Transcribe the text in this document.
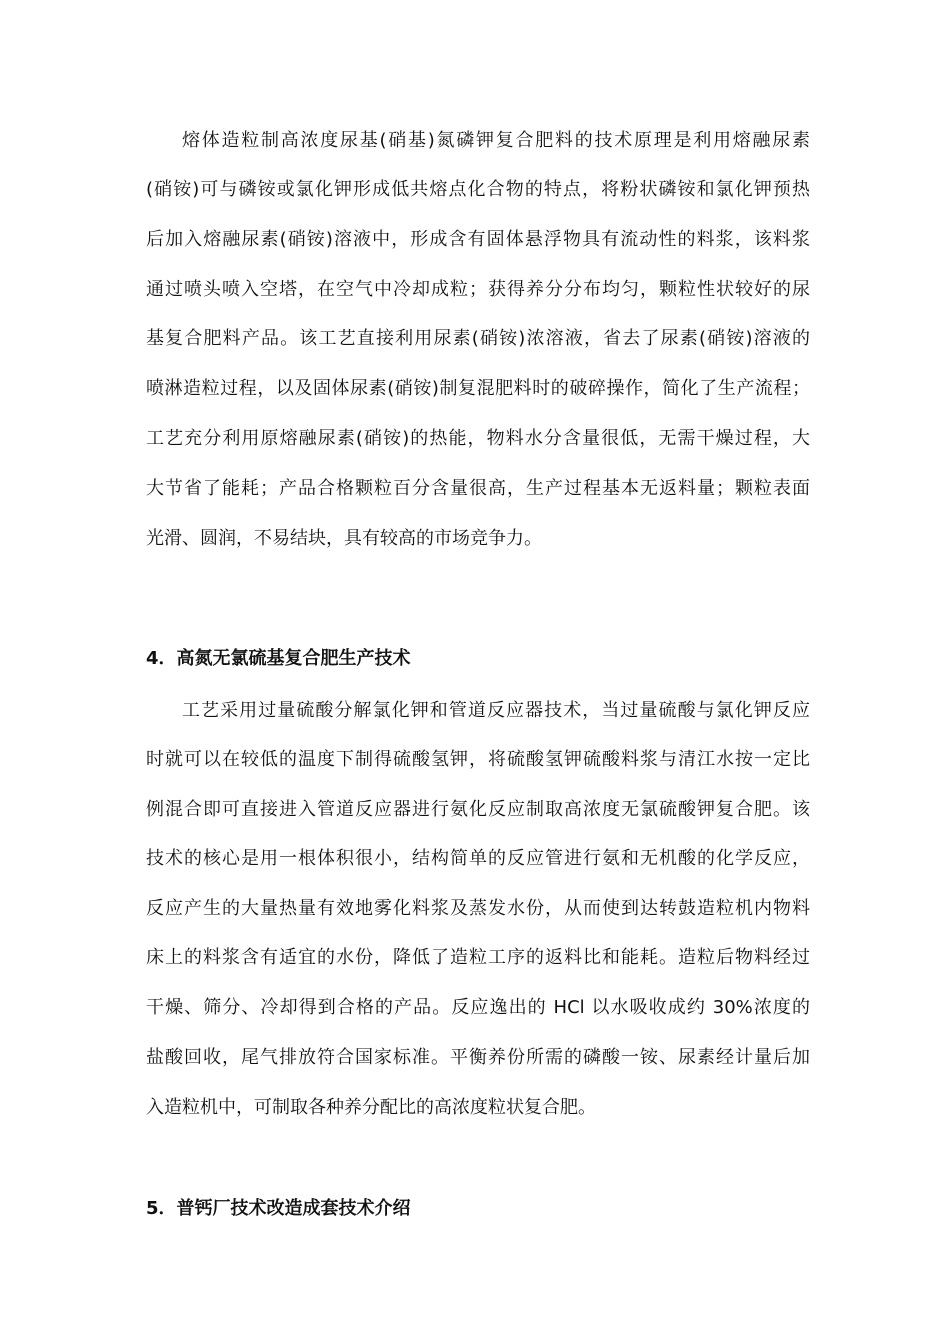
熔体造粒制高浓度尿基(硝基)氮磷钾复合肥料的技术原理是利用熔融尿素
(硝铵)可与磷铵或氯化钾形成低共熔点化合物的特点，将粉状磷铵和氯化钾预热
后加入熔融尿素(硝铵)溶液中，形成含有固体悬浮物具有流动性的料浆，该料浆
通过喷头喷入空塔，在空气中冷却成粒；获得养分分布均匀，颗粒性状较好的尿
基复合肥料产品。该工艺直接利用尿素(硝铵)浓溶液，省去了尿素(硝铵)溶液的
喷淋造粒过程，以及固体尿素(硝铵)制复混肥料时的破碎操作，简化了生产流程；
工艺充分利用原熔融尿素(硝铵)的热能，物料水分含量很低，无需干燥过程，大
大节省了能耗；产品合格颗粒百分含量很高，生产过程基本无返料量；颗粒表面
光滑、圆润，不易结块，具有较高的市场竞争力。
4．高氮无氯硫基复合肥生产技术
工艺采用过量硫酸分解氯化钾和管道反应器技术，当过量硫酸与氯化钾反应
时就可以在较低的温度下制得硫酸氢钾，将硫酸氢钾硫酸料浆与清江水按一定比
例混合即可直接进入管道反应器进行氨化反应制取高浓度无氯硫酸钾复合肥。该
技术的核心是用一根体积很小，结构简单的反应管进行氨和无机酸的化学反应，
反应产生的大量热量有效地雾化料浆及蒸发水份，从而使到达转鼓造粒机内物料
床上的料浆含有适宜的水份，降低了造粒工序的返料比和能耗。造粒后物料经过
干燥、筛分、冷却得到合格的产品。反应逸出的 HCl 以水吸收成约 30%浓度的
盐酸回收，尾气排放符合国家标准。平衡养份所需的磷酸一铵、尿素经计量后加
入造粒机中，可制取各种养分配比的高浓度粒状复合肥。
5．普钙厂技术改造成套技术介绍
